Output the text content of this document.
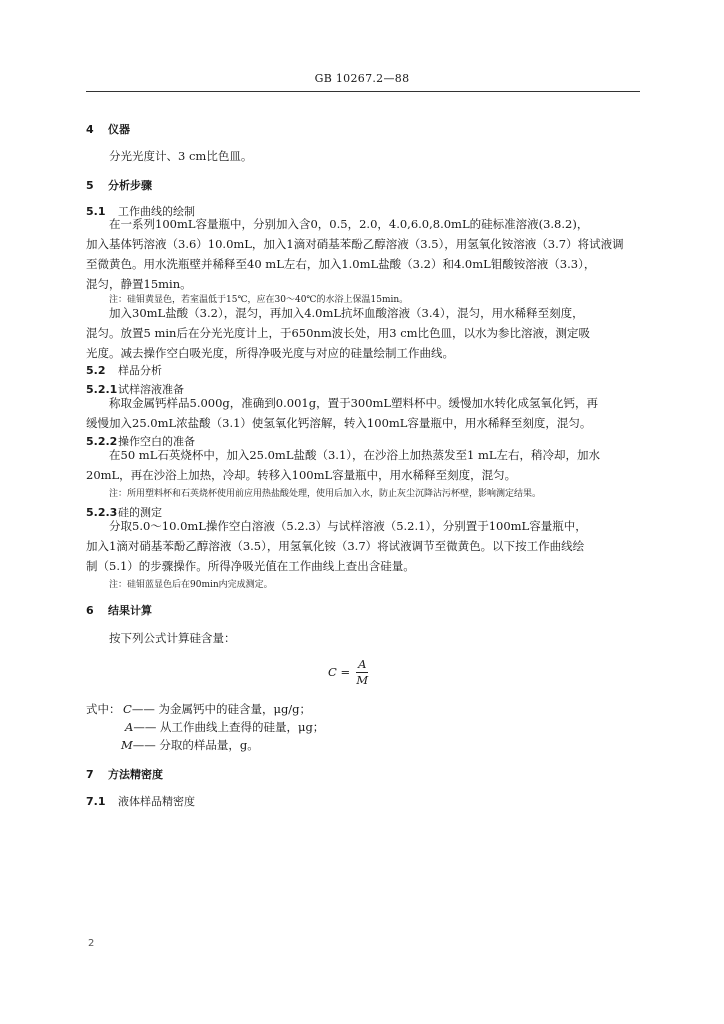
GB 10267.2—88
4 仪器
分光光度计、3 cm比色皿。
5 分析步骤
5.1 工作曲线的绘制
在一系列100mL容量瓶中，分别加入含0，0.5，2.0，4.0,6.0,8.0mL的硅标准溶液(3.8.2)，
加入基体钙溶液（3.6）10.0mL，加入1滴对硝基苯酚乙醇溶液（3.5），用氢氧化铵溶液（3.7）将试液调
至微黄色。用水洗瓶壁并稀释至40 mL左右，加入1.0mL盐酸（3.2）和4.0mL钼酸铵溶液（3.3），
混匀，静置15min。
注：硅钼黄显色，若室温低于15℃，应在30～40℃的水浴上保温15min。
加入30mL盐酸（3.2），混匀，再加入4.0mL抗坏血酸溶液（3.4），混匀，用水稀释至刻度，
混匀。放置5 min后在分光光度计上，于650nm波长处，用3 cm比色皿，以水为参比溶液，测定吸
光度。减去操作空白吸光度，所得净吸光度与对应的硅量绘制工作曲线。
5.2 样品分析
5.2.1试样溶液准备
称取金属钙样品5.000g，准确到0.001g，置于300mL塑料杯中。缓慢加水转化成氢氧化钙，再
缓慢加入25.0mL浓盐酸（3.1）使氢氧化钙溶解，转入100mL容量瓶中，用水稀释至刻度，混匀。
5.2.2操作空白的准备
在50 mL石英烧杯中，加入25.0mL盐酸（3.1），在沙浴上加热蒸发至1 mL左右，稍冷却，加水
20mL，再在沙浴上加热，冷却。转移入100mL容量瓶中，用水稀释至刻度，混匀。
注：所用塑料杯和石英烧杯使用前应用热盐酸处理，使用后加入水，防止灰尘沉降沾污杯壁，影响测定结果。
5.2.3硅的测定
分取5.0～10.0mL操作空白溶液（5.2.3）与试样溶液（5.2.1），分别置于100mL容量瓶中，
加入1滴对硝基苯酚乙醇溶液（3.5），用氢氧化铵（3.7）将试液调节至微黄色。以下按工作曲线绘
制（5.1）的步骤操作。所得净吸光值在工作曲线上查出含硅量。
注：硅钼蓝显色后在90min内完成测定。
6 结果计算
按下列公式计算硅含量：
$C = \frac{A}{M}$
式中： C—— 为金属钙中的硅含量，μg/g；
A—— 从工作曲线上查得的硅量，μg；
M—— 分取的样品量，g。
7 方法精密度
7.1 液体样品精密度
2
